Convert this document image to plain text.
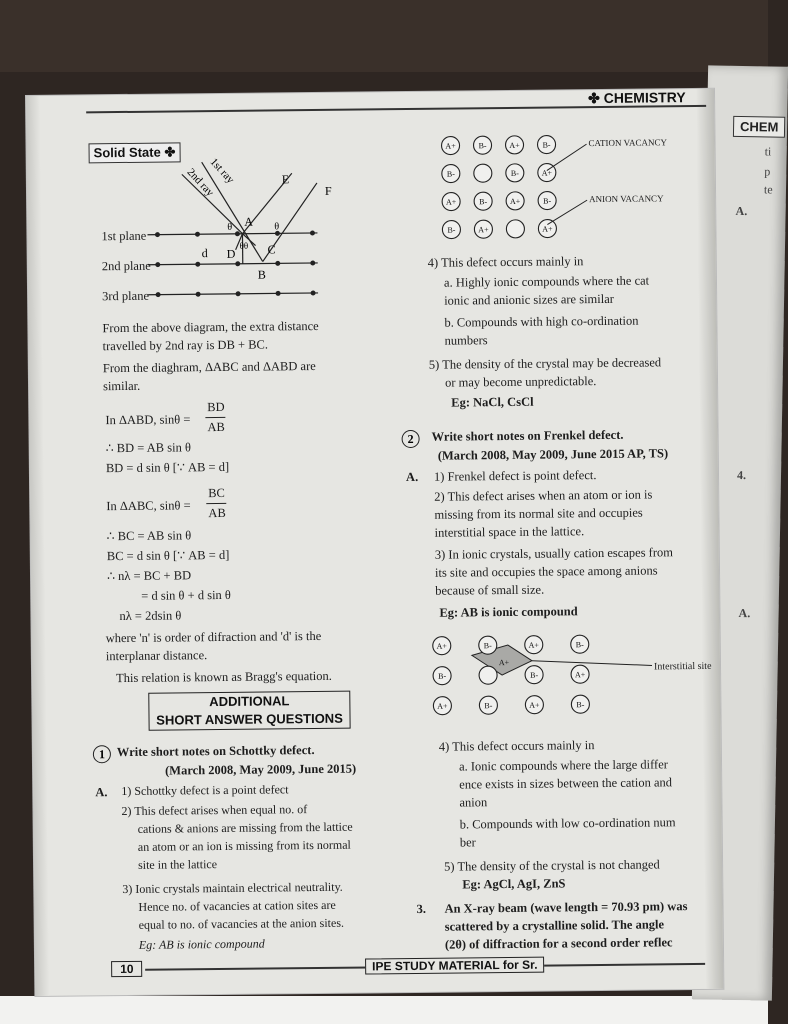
CHEM
ti
p
te
A.
4.
A.
✤ CHEMISTRY
Solid State ✤
2nd ray
1st ray	E
F
A
B
C
D
d
θ	θ
θθ
1st plane
2nd plane
3rd plane
From the above diagram, the extra distance
travelled by 2nd ray is DB + BC.
From the diaghram, ΔABC and ΔABD are
similar.
In ΔABD, sinθ =
BD
AB
∴ BD = AB sin θ
BD = d sin θ [∵ AB = d]
In ΔABC, sinθ =
BC
AB
∴ BC = AB sin θ
BC = d sin θ [∵ AB = d]
∴ nλ = BC + BD
= d sin θ + d sin θ
nλ = 2dsin θ
where 'n' is order of difraction and 'd' is the
interplanar distance.
This relation is known as Bragg's equation.
ADDITIONAL
SHORT ANSWER QUESTIONS
1 Write short notes on Schottky defect.
(March 2008, May 2009, June 2015)
A. 1) Schottky defect is a point defect
2) This defect arises when equal no. of
cations & anions are missing from the lattice
an atom or an ion is missing from its normal
site in the lattice
3) Ionic crystals maintain electrical neutrality.
Hence no. of vacancies at cation sites are
equal to no. of vacancies at the anion sites.
Eg: AB is ionic compound
10	IPE STUDY MATERIAL for Sr.
A+	B-	A+	B-
B-	B-	A+
A+	B-	A+	B-
B-	A+	A+
CATION VACANCY
ANION VACANCY
4) This defect occurs mainly in
a. Highly ionic compounds where the cat
ionic and anionic sizes are similar
b. Compounds with high co-ordination
numbers
5) The density of the crystal may be decreased
or may become unpredictable.
Eg: NaCl, CsCl
2	Write short notes on Frenkel defect.
(March 2008, May 2009, June 2015 AP, TS)
A. 1) Frenkel defect is point defect.
2) This defect arises when an atom or ion is
missing from its normal site and occupies
interstitial space in the lattice.
3) In ionic crystals, usually cation escapes from
its site and occupies the space among anions
because of small size.
Eg: AB is ionic compound
A+	B-	A+	B-
B-	B-	A+
A+	B-	A+	B-
A+	Interstitial site
4) This defect occurs mainly in
a. Ionic compounds where the large differ
ence exists in sizes between the cation and
anion
b. Compounds with low co-ordination num
ber
5) The density of the crystal is not changed
Eg: AgCl, AgI, ZnS
3. An X-ray beam (wave length = 70.93 pm) was
scattered by a crystalline solid. The angle
(2θ) of diffraction for a second order reflec
